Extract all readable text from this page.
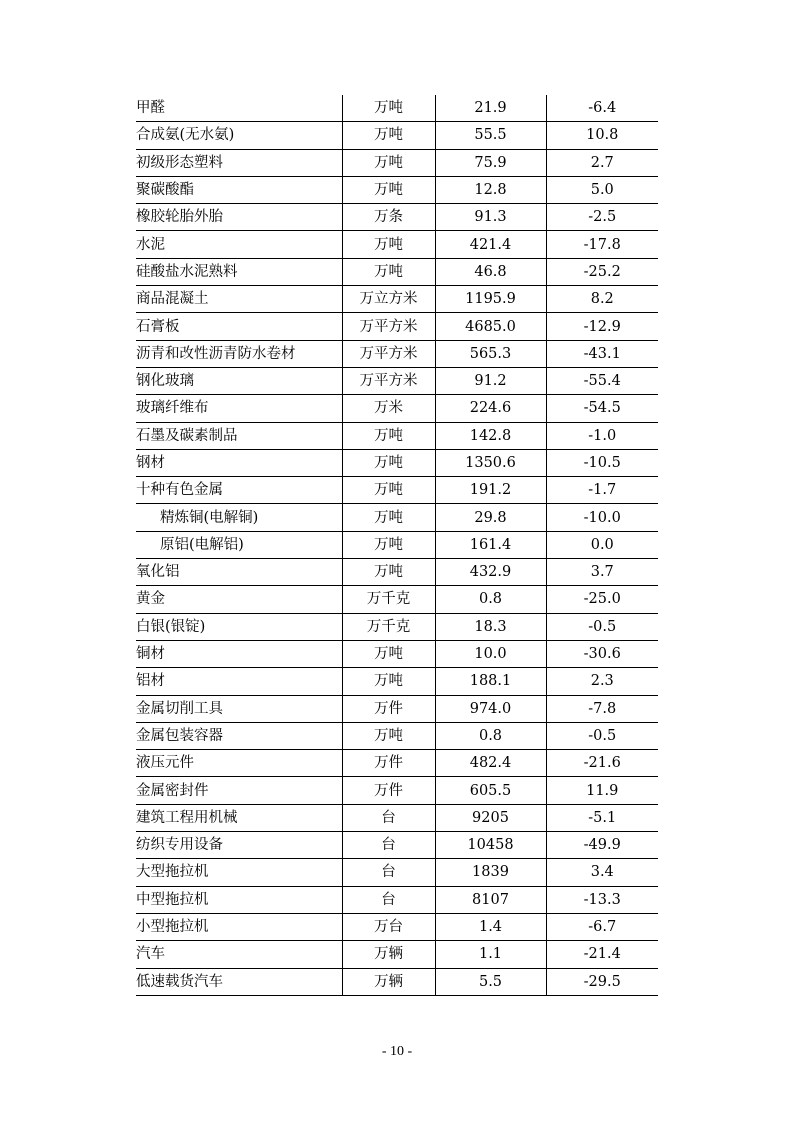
甲醛	万吨	21.9	-6.4
合成氨(无水氨)	万吨	55.5	10.8
初级形态塑料	万吨	75.9	2.7
聚碳酸酯	万吨	12.8	5.0
橡胶轮胎外胎	万条	91.3	-2.5
水泥	万吨	421.4	-17.8
硅酸盐水泥熟料	万吨	46.8	-25.2
商品混凝土	万立方米	1195.9	8.2
石膏板	万平方米	4685.0	-12.9
沥青和改性沥青防水卷材	万平方米	565.3	-43.1
钢化玻璃	万平方米	91.2	-55.4
玻璃纤维布	万米	224.6	-54.5
石墨及碳素制品	万吨	142.8	-1.0
钢材	万吨	1350.6	-10.5
十种有色金属	万吨	191.2	-1.7
精炼铜(电解铜)	万吨	29.8	-10.0
原铝(电解铝)	万吨	161.4	0.0
氧化铝	万吨	432.9	3.7
黄金	万千克	0.8	-25.0
白银(银锭)	万千克	18.3	-0.5
铜材	万吨	10.0	-30.6
铝材	万吨	188.1	2.3
金属切削工具	万件	974.0	-7.8
金属包装容器	万吨	0.8	-0.5
液压元件	万件	482.4	-21.6
金属密封件	万件	605.5	11.9
建筑工程用机械	台	9205	-5.1
纺织专用设备	台	10458	-49.9
大型拖拉机	台	1839	3.4
中型拖拉机	台	8107	-13.3
小型拖拉机	万台	1.4	-6.7
汽车	万辆	1.1	-21.4
低速载货汽车	万辆	5.5	-29.5
- 10 -
